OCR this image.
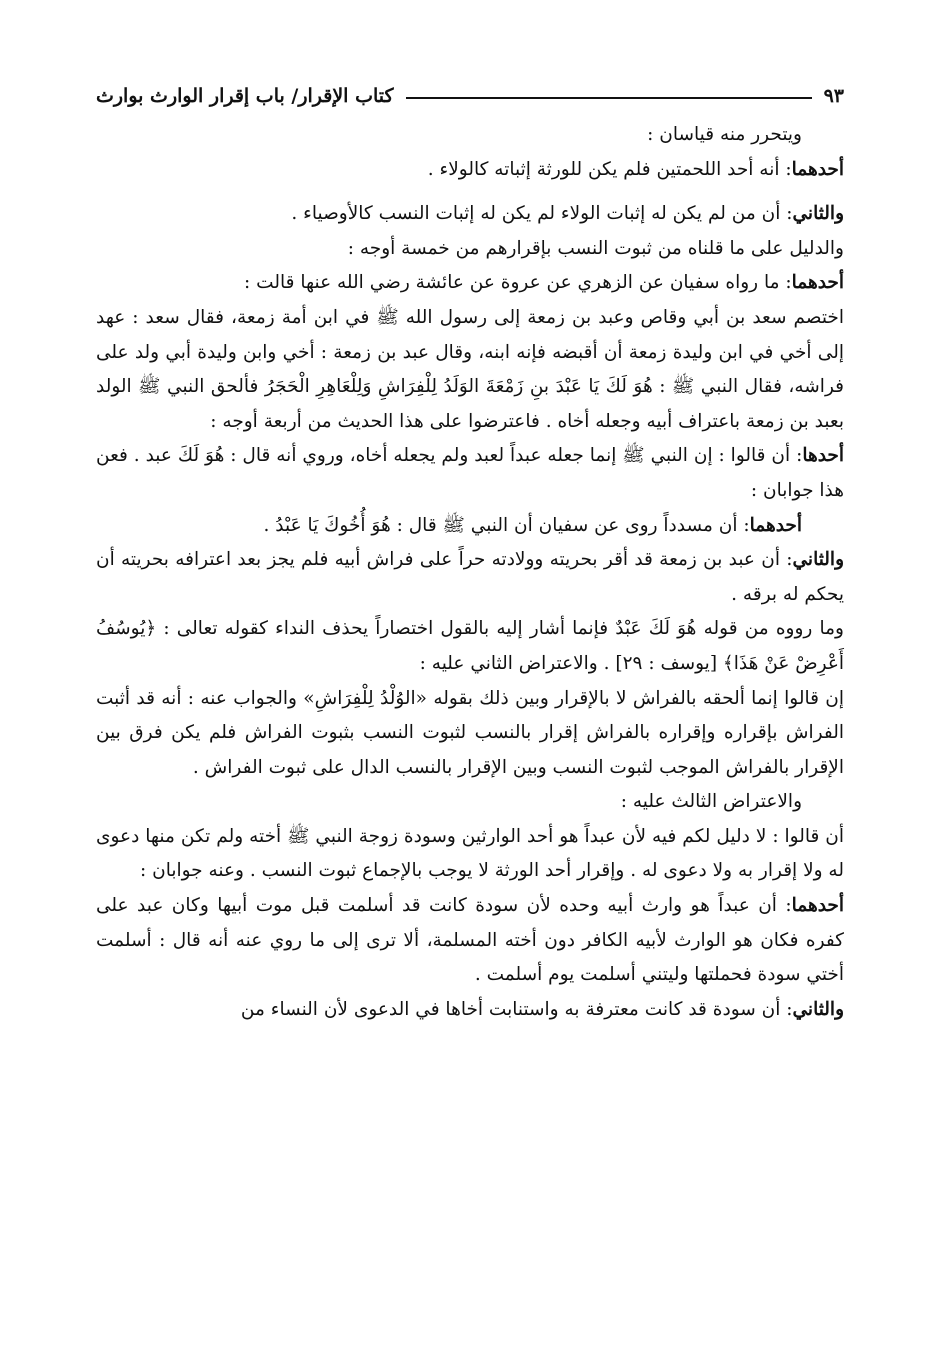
كتاب الإقرار/ باب إقرار الوارث بوارث	٩٣

ويتحرر منه قياسان :

أحدهما: أنه أحد اللحمتين فلم يكن للورثة إثباته كالولاء .

والثاني: أن من لم يكن له إثبات الولاء لم يكن له إثبات النسب كالأوصياء .

والدليل على ما قلناه من ثبوت النسب بإقرارهم من خمسة أوجه :

أحدهما: ما رواه سفيان عن الزهري عن عروة عن عائشة رضي الله عنها قالت :

اختصم سعد بن أبي وقاص وعبد بن زمعة إلى رسول الله ﷺ في ابن أمة زمعة، فقال سعد : عهد إلى أخي في ابن وليدة زمعة أن أقبضه فإنه ابنه، وقال عبد بن زمعة : أخي وابن وليدة أبي ولد على فراشه، فقال النبي ﷺ : هُوَ لَكَ يَا عَبْدَ بنِ زَمْعَةَ الوَلَدُ لِلْفِرَاشِ وَلِلْعَاهِرِ الْحَجَرُ فألحق النبي ﷺ الولد بعبد بن زمعة باعتراف أبيه وجعله أخاه . فاعترضوا على هذا الحديث من أربعة أوجه :

أحدها: أن قالوا : إن النبي ﷺ إنما جعله عبداً لعبد ولم يجعله أخاه، وروي أنه قال : هُوَ لَكَ عبد . فعن هذا جوابان :

أحدهما: أن مسدداً روى عن سفيان أن النبي ﷺ قال : هُوَ أُخُوكَ يَا عَبْدُ .

والثاني: أن عبد بن زمعة قد أقر بحريته وولادته حراً على فراش أبيه فلم يجز بعد اعترافه بحريته أن يحكم له برقه .

وما رووه من قوله هُوَ لَكَ عَبْدٌ فإنما أشار إليه بالقول اختصاراً يحذف النداء كقوله تعالى : ﴿يُوسُفُ أَعْرِضْ عَنْ هَذَا﴾ [يوسف : ٢٩] . والاعتراض الثاني عليه :

إن قالوا إنما ألحقه بالفراش لا بالإقرار وبين ذلك بقوله «الوُلْدُ لِلْفِرَاشِ» والجواب عنه : أنه قد أثبت الفراش بإقراره وإقراره بالفراش إقرار بالنسب لثبوت النسب بثبوت الفراش فلم يكن فرق بين الإقرار بالفراش الموجب لثبوت النسب وبين الإقرار بالنسب الدال على ثبوت الفراش .

والاعتراض الثالث عليه :

أن قالوا : لا دليل لكم فيه لأن عبداً هو أحد الوارثين وسودة زوجة النبي ﷺ أخته ولم تكن منها دعوى له ولا إقرار به ولا دعوى له . وإقرار أحد الورثة لا يوجب بالإجماع ثبوت النسب . وعنه جوابان :

أحدهما: أن عبداً هو وارث أبيه وحده لأن سودة كانت قد أسلمت قبل موت أبيها وكان عبد على كفره فكان هو الوارث لأبيه الكافر دون أخته المسلمة، ألا ترى إلى ما روي عنه أنه قال : أسلمت أختي سودة فحملتها وليتني أسلمت يوم أسلمت .

والثاني: أن سودة قد كانت معترفة به واستنابت أخاها في الدعوى لأن النساء من
